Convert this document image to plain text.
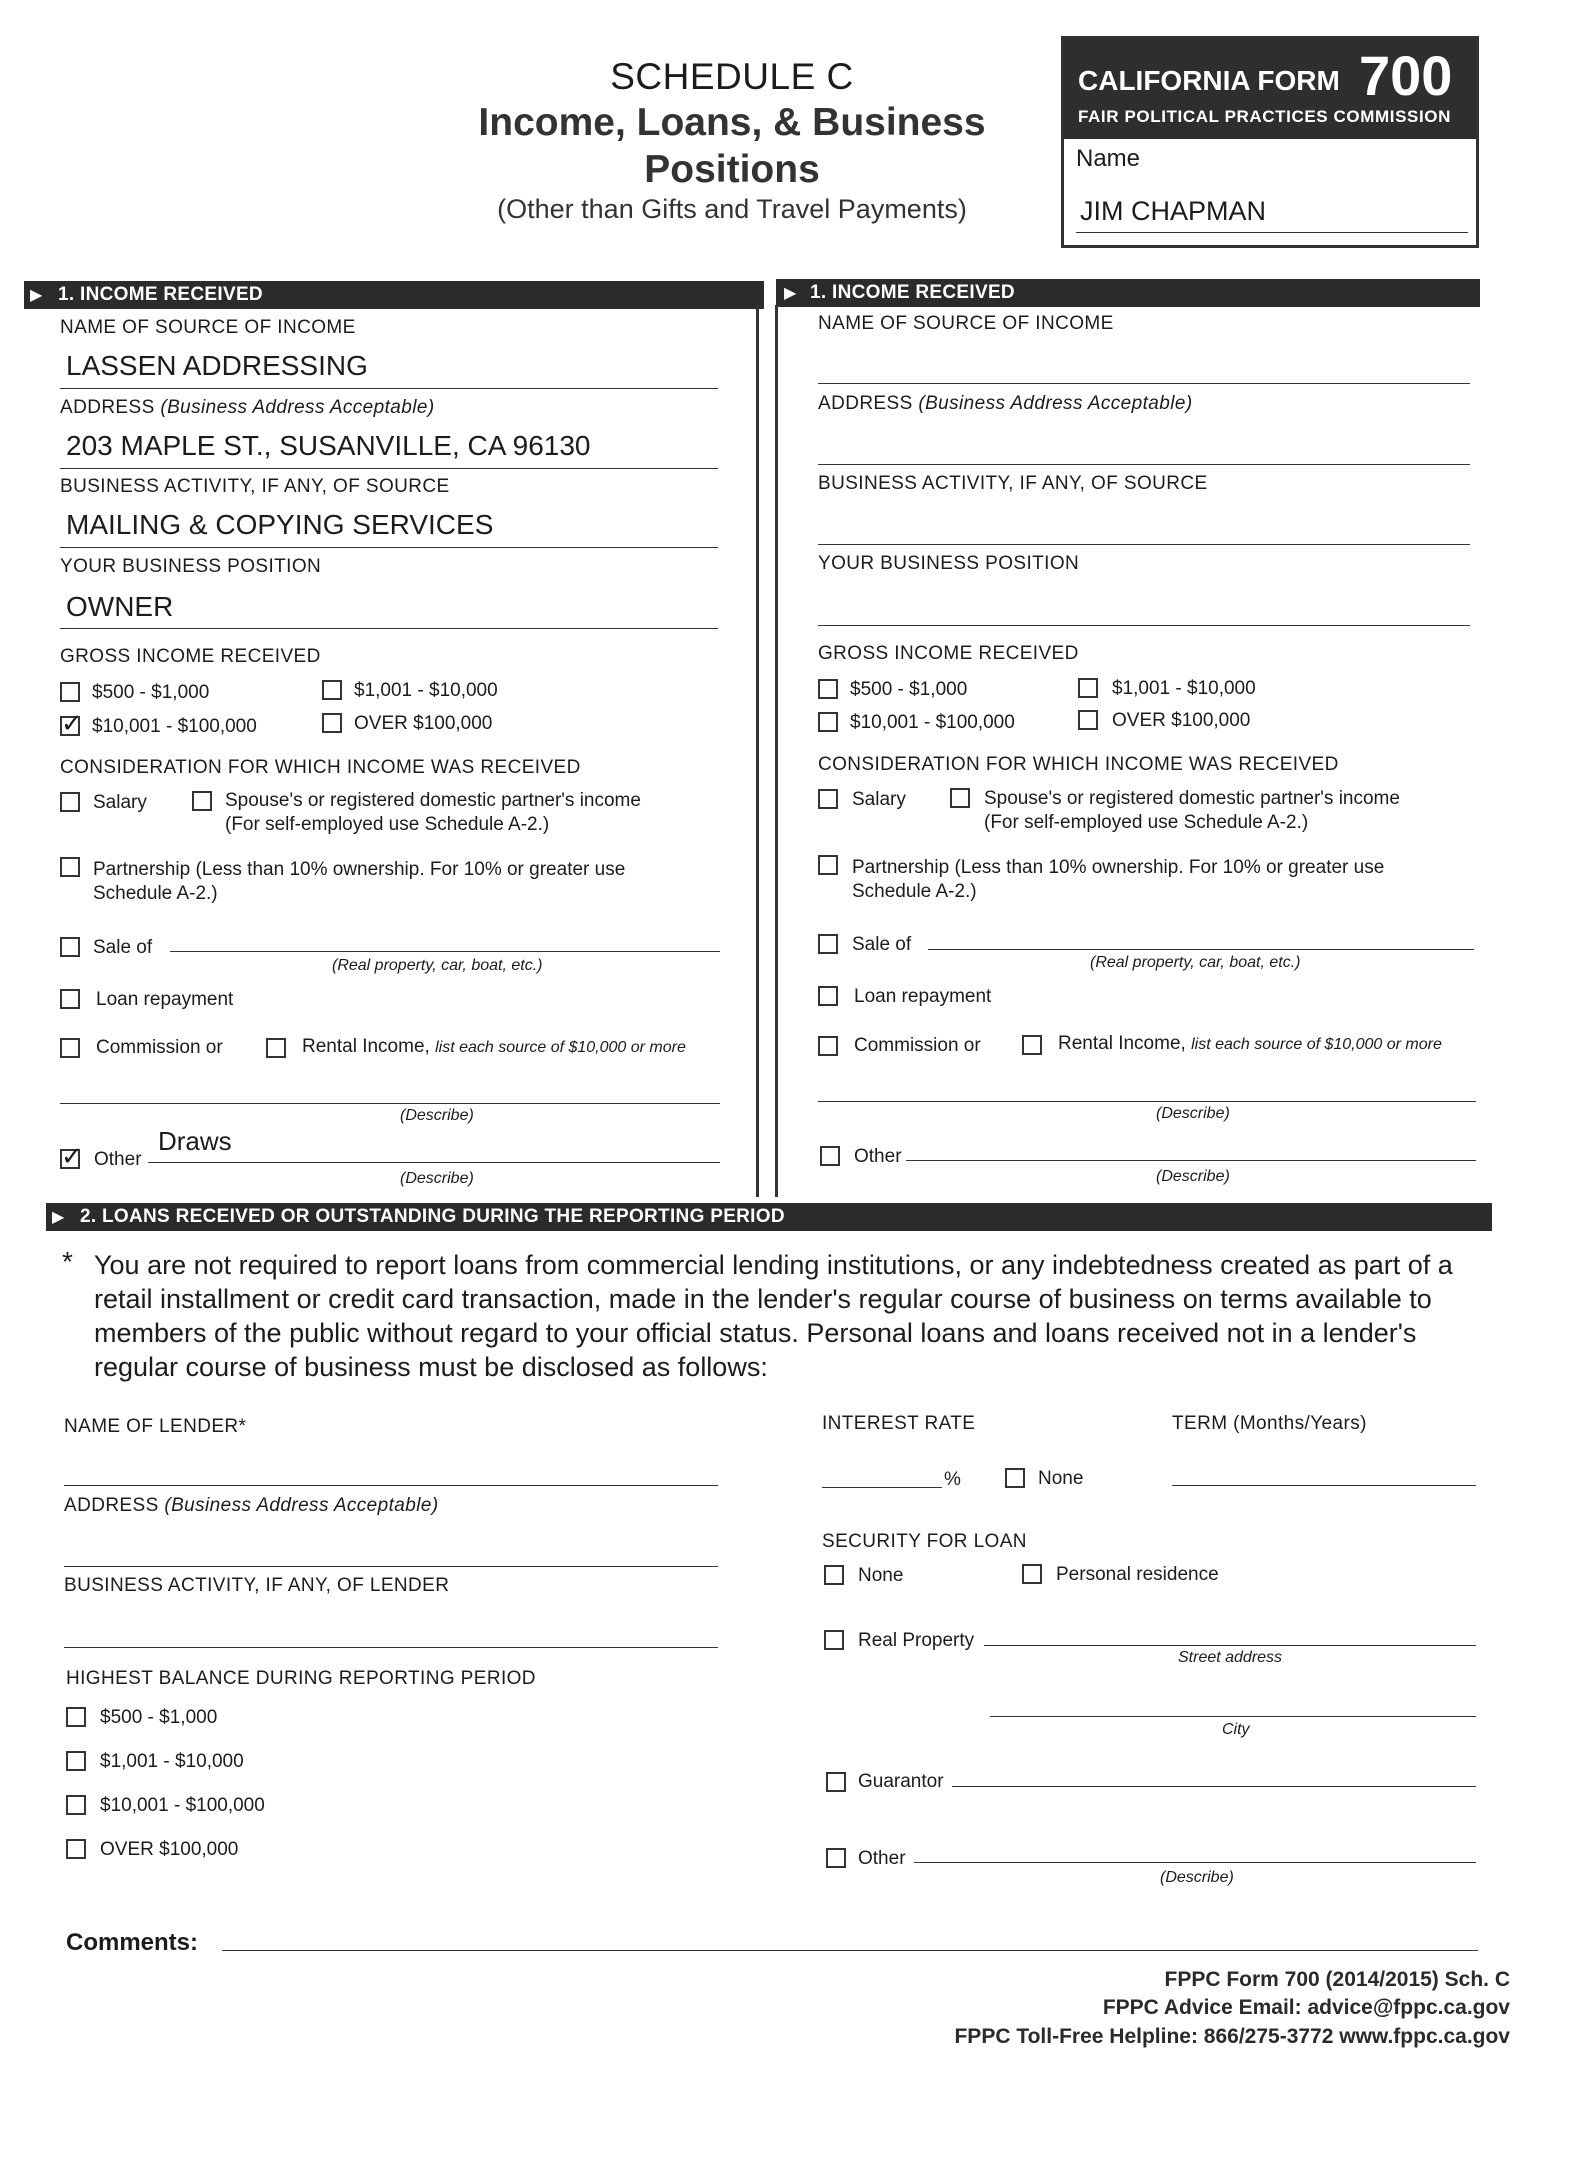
SCHEDULE C
Income, Loans, & Business
Positions
(Other than Gifts and Travel Payments)
CALIFORNIA FORM 700
FAIR POLITICAL PRACTICES COMMISSION
Name
JIM CHAPMAN
1. INCOME RECEIVED
▶	1. INCOME RECEIVED
▶
NAME OF SOURCE OF INCOME
LASSEN ADDRESSING
ADDRESS (Business Address Acceptable)
203 MAPLE ST., SUSANVILLE, CA 96130
BUSINESS ACTIVITY, IF ANY, OF SOURCE
MAILING & COPYING SERVICES
YOUR BUSINESS POSITION
OWNER
GROSS INCOME RECEIVED
$500 - $1,000	$1,001 - $10,000
✓ $10,001 - $100,000	OVER $100,000
CONSIDERATION FOR WHICH INCOME WAS RECEIVED
Salary	Spouse's or registered domestic partner's income
(For self-employed use Schedule A-2.)
Partnership (Less than 10% ownership. For 10% or greater use
Schedule A-2.)
Sale of
(Real property, car, boat, etc.)
Loan repayment
Commission or	Rental Income, list each source of $10,000 or more
(Describe)
✓ Other
Draws
(Describe)
NAME OF SOURCE OF INCOME
ADDRESS (Business Address Acceptable)
BUSINESS ACTIVITY, IF ANY, OF SOURCE
YOUR BUSINESS POSITION
GROSS INCOME RECEIVED
$500 - $1,000	$1,001 - $10,000
$10,001 - $100,000	OVER $100,000
CONSIDERATION FOR WHICH INCOME WAS RECEIVED
Salary	Spouse's or registered domestic partner's income
(For self-employed use Schedule A-2.)
Partnership (Less than 10% ownership. For 10% or greater use
Schedule A-2.)
Sale of
(Real property, car, boat, etc.)
Loan repayment
Commission or	Rental Income, list each source of $10,000 or more
(Describe)
Other
(Describe)
2. LOANS RECEIVED OR OUTSTANDING DURING THE REPORTING PERIOD
▶
* You are not required to report loans from commercial lending institutions, or any indebtedness created as part of a retail installment or credit card transaction, made in the lender's regular course of business on terms available to members of the public without regard to your official status. Personal loans and loans received not in a lender's regular course of business must be disclosed as follows:
NAME OF LENDER*
ADDRESS (Business Address Acceptable)
BUSINESS ACTIVITY, IF ANY, OF LENDER
HIGHEST BALANCE DURING REPORTING PERIOD
$500 - $1,000
$1,001 - $10,000
$10,001 - $100,000
OVER $100,000
INTEREST RATE
%	None
TERM (Months/Years)
SECURITY FOR LOAN
None	Personal residence
Real Property
Street address
City
Guarantor
Other
(Describe)
Comments:
FPPC Form 700 (2014/2015) Sch. C
FPPC Advice Email: advice@fppc.ca.gov
FPPC Toll-Free Helpline: 866/275-3772 www.fppc.ca.gov
